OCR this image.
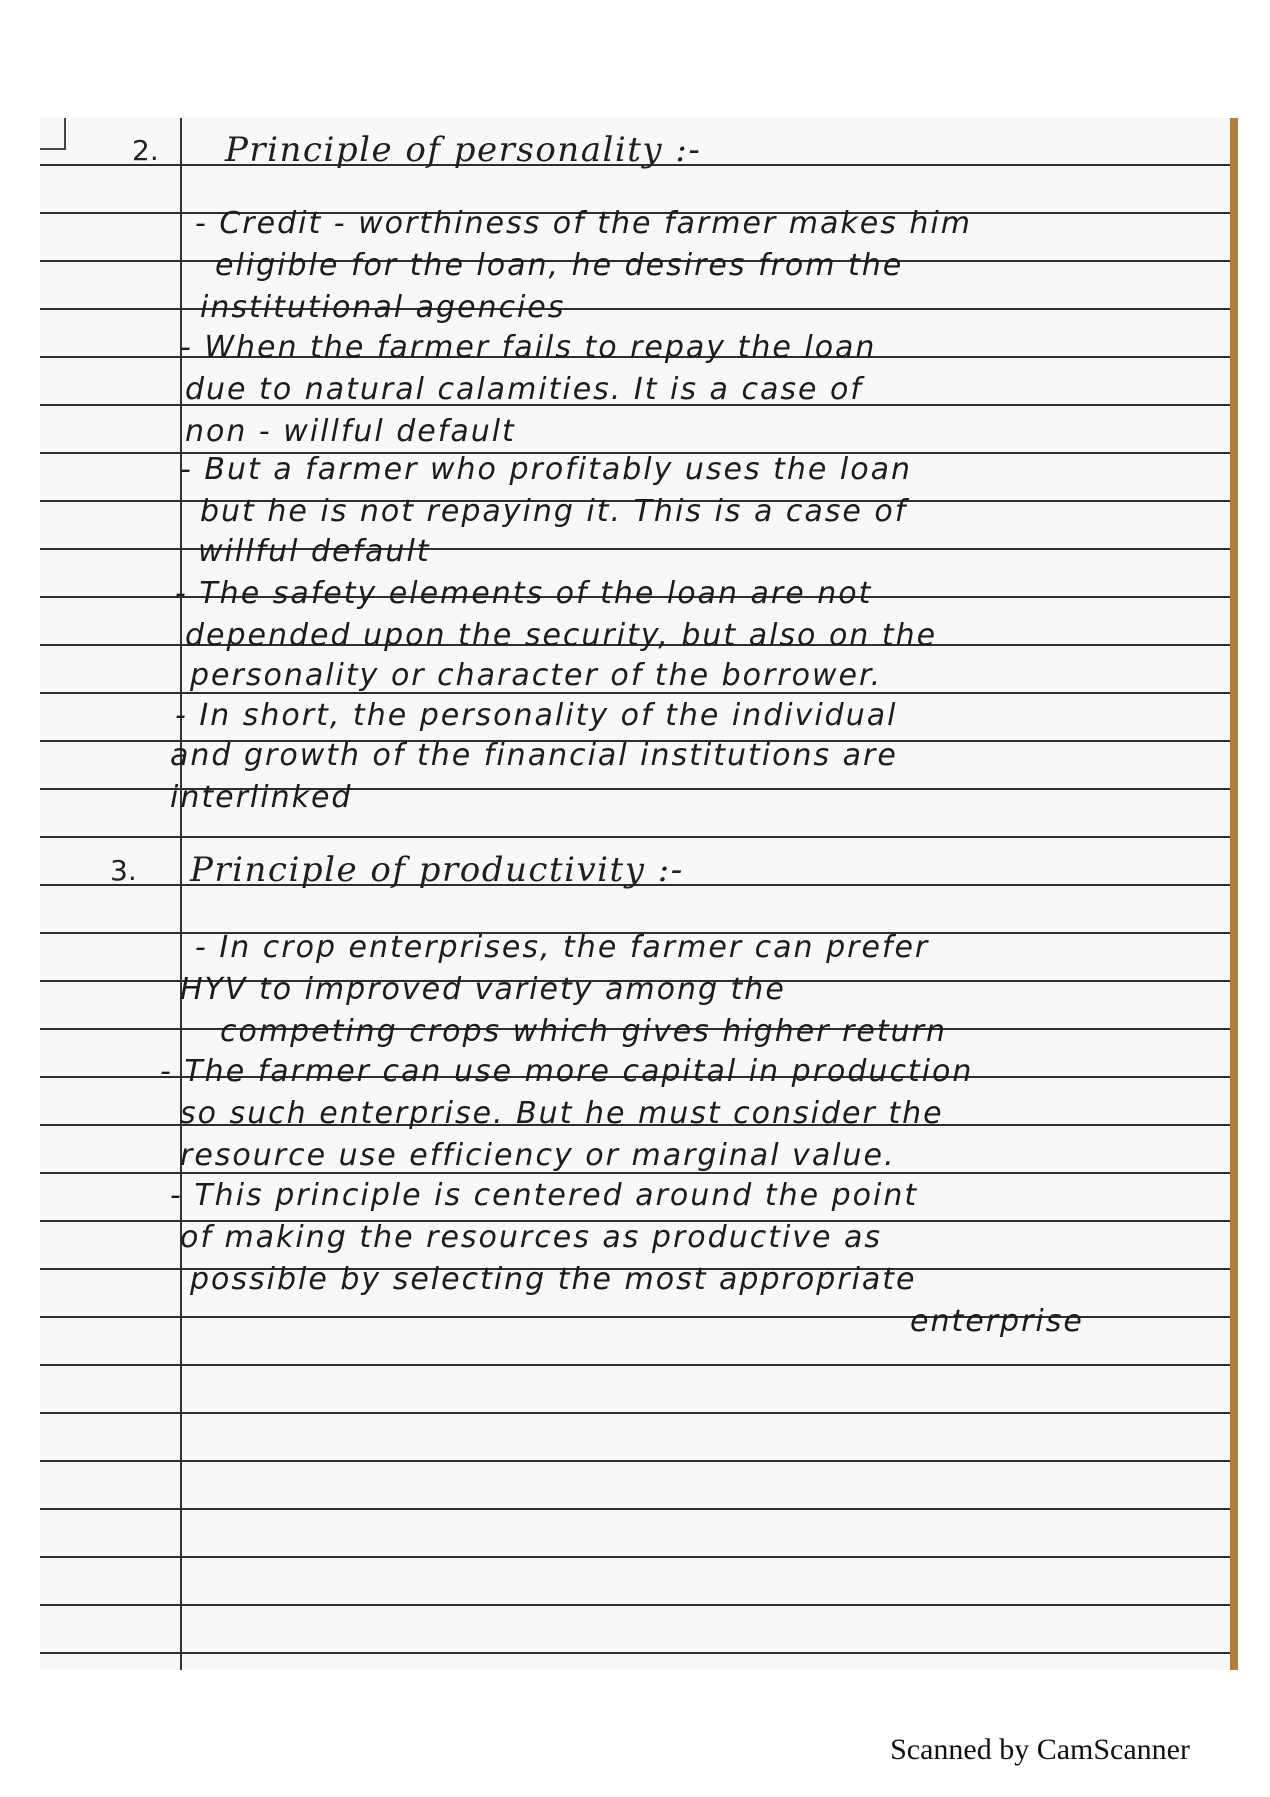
2. Principle of personality :-
- Credit - worthiness of the farmer makes him
eligible for the loan, he desires from the
institutional agencies
- When the farmer fails to repay the loan
due to natural calamities. It is a case of
non - willful default
- But a farmer who profitably uses the loan
but he is not repaying it. This is a case of
willful default
- The safety elements of the loan are not
depended upon the security, but also on the
personality or character of the borrower.
- In short, the personality of the individual
and growth of the financial institutions are
interlinked
3. Principle of productivity :-
- In crop enterprises, the farmer can prefer
HYV to improved variety among the
competing crops which gives higher return
- The farmer can use more capital in production
so such enterprise. But he must consider the
resource use efficiency or marginal value.
- This principle is centered around the point
of making the resources as productive as
possible by selecting the most appropriate
enterprise
Scanned by CamScanner
